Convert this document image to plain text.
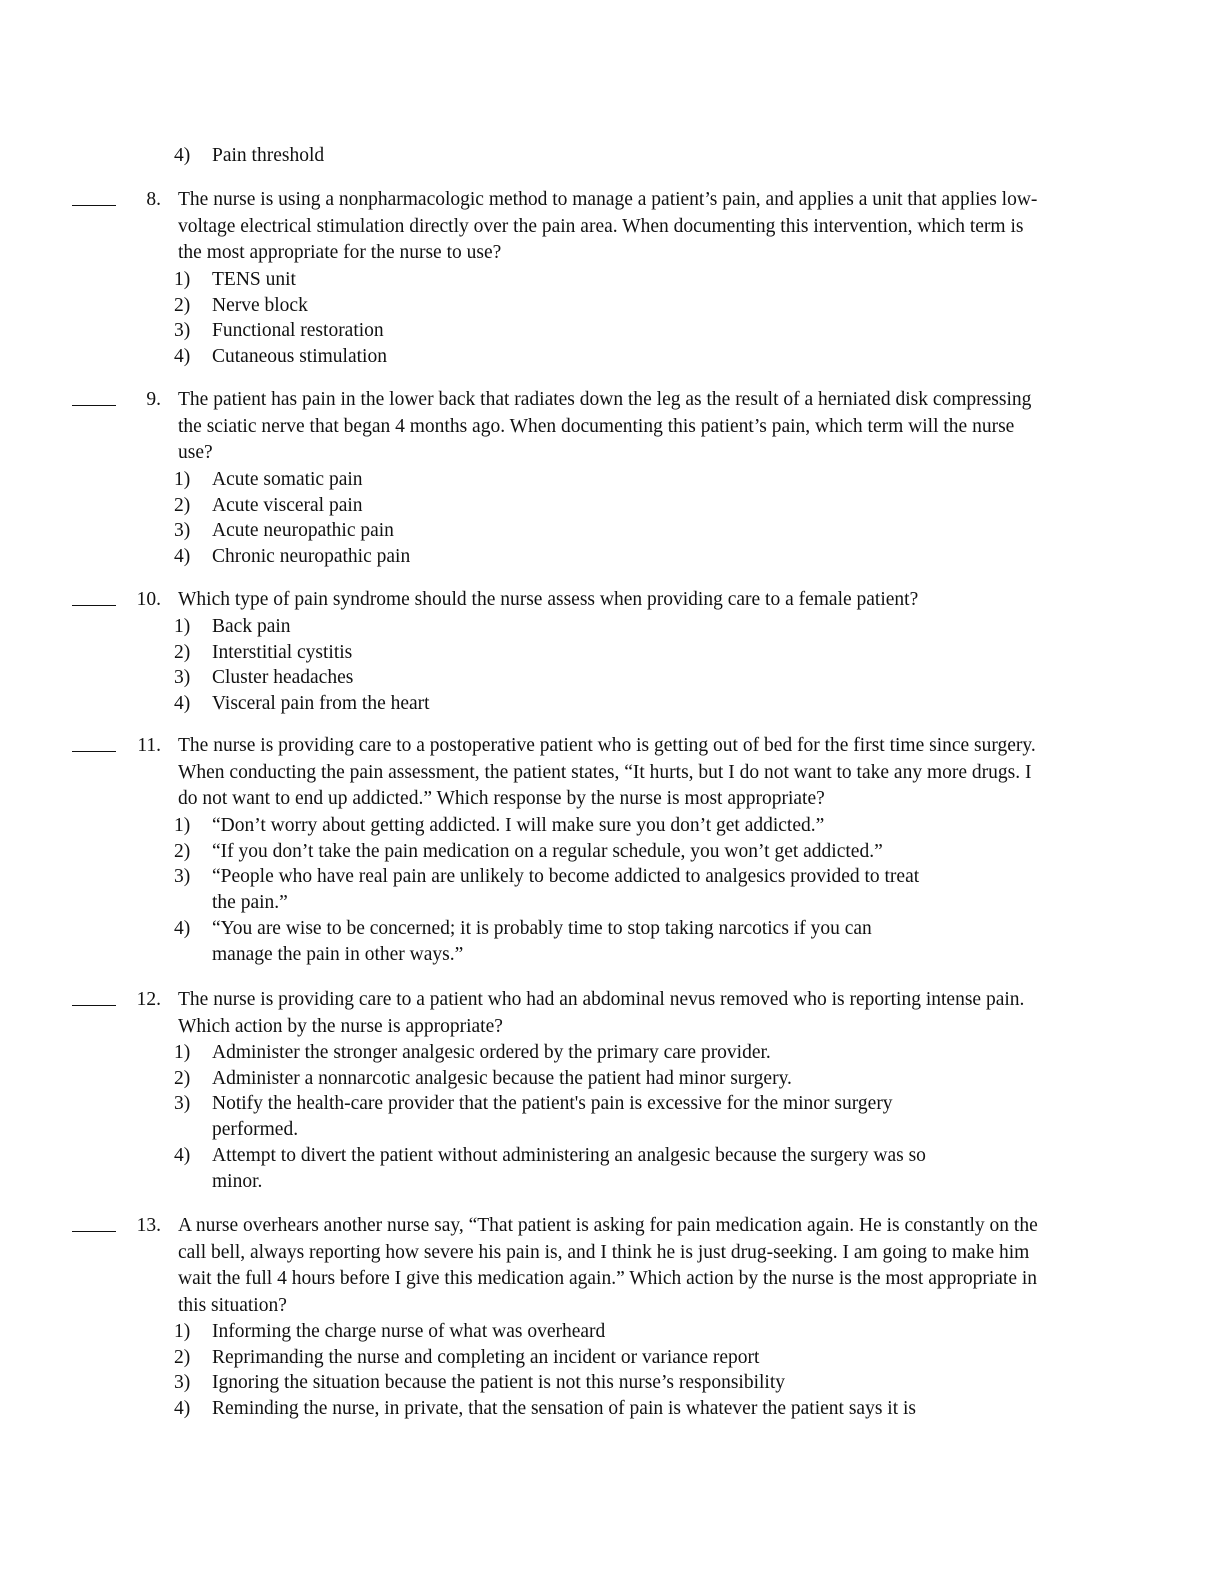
4) Pain threshold
8. The nurse is using a nonpharmacologic method to manage a patient’s pain, and applies a unit that applies low-
voltage electrical stimulation directly over the pain area. When documenting this intervention, which term is
the most appropriate for the nurse to use?
1) TENS unit
2) Nerve block
3) Functional restoration
4) Cutaneous stimulation
9. The patient has pain in the lower back that radiates down the leg as the result of a herniated disk compressing
the sciatic nerve that began 4 months ago. When documenting this patient’s pain, which term will the nurse
use?
1) Acute somatic pain
2) Acute visceral pain
3) Acute neuropathic pain
4) Chronic neuropathic pain
10. Which type of pain syndrome should the nurse assess when providing care to a female patient?
1) Back pain
2) Interstitial cystitis
3) Cluster headaches
4) Visceral pain from the heart
11. The nurse is providing care to a postoperative patient who is getting out of bed for the first time since surgery.
When conducting the pain assessment, the patient states, “It hurts, but I do not want to take any more drugs. I
do not want to end up addicted.” Which response by the nurse is most appropriate?
1) “Don’t worry about getting addicted. I will make sure you don’t get addicted.”
2) “If you don’t take the pain medication on a regular schedule, you won’t get addicted.”
3) “People who have real pain are unlikely to become addicted to analgesics provided to treat
the pain.”
4) “You are wise to be concerned; it is probably time to stop taking narcotics if you can
manage the pain in other ways.”
12. The nurse is providing care to a patient who had an abdominal nevus removed who is reporting intense pain.
Which action by the nurse is appropriate?
1) Administer the stronger analgesic ordered by the primary care provider.
2) Administer a nonnarcotic analgesic because the patient had minor surgery.
3) Notify the health-care provider that the patient's pain is excessive for the minor surgery
performed.
4) Attempt to divert the patient without administering an analgesic because the surgery was so
minor.
13. A nurse overhears another nurse say, “That patient is asking for pain medication again. He is constantly on the
call bell, always reporting how severe his pain is, and I think he is just drug-seeking. I am going to make him
wait the full 4 hours before I give this medication again.” Which action by the nurse is the most appropriate in
this situation?
1) Informing the charge nurse of what was overheard
2) Reprimanding the nurse and completing an incident or variance report
3) Ignoring the situation because the patient is not this nurse’s responsibility
4) Reminding the nurse, in private, that the sensation of pain is whatever the patient says it is
